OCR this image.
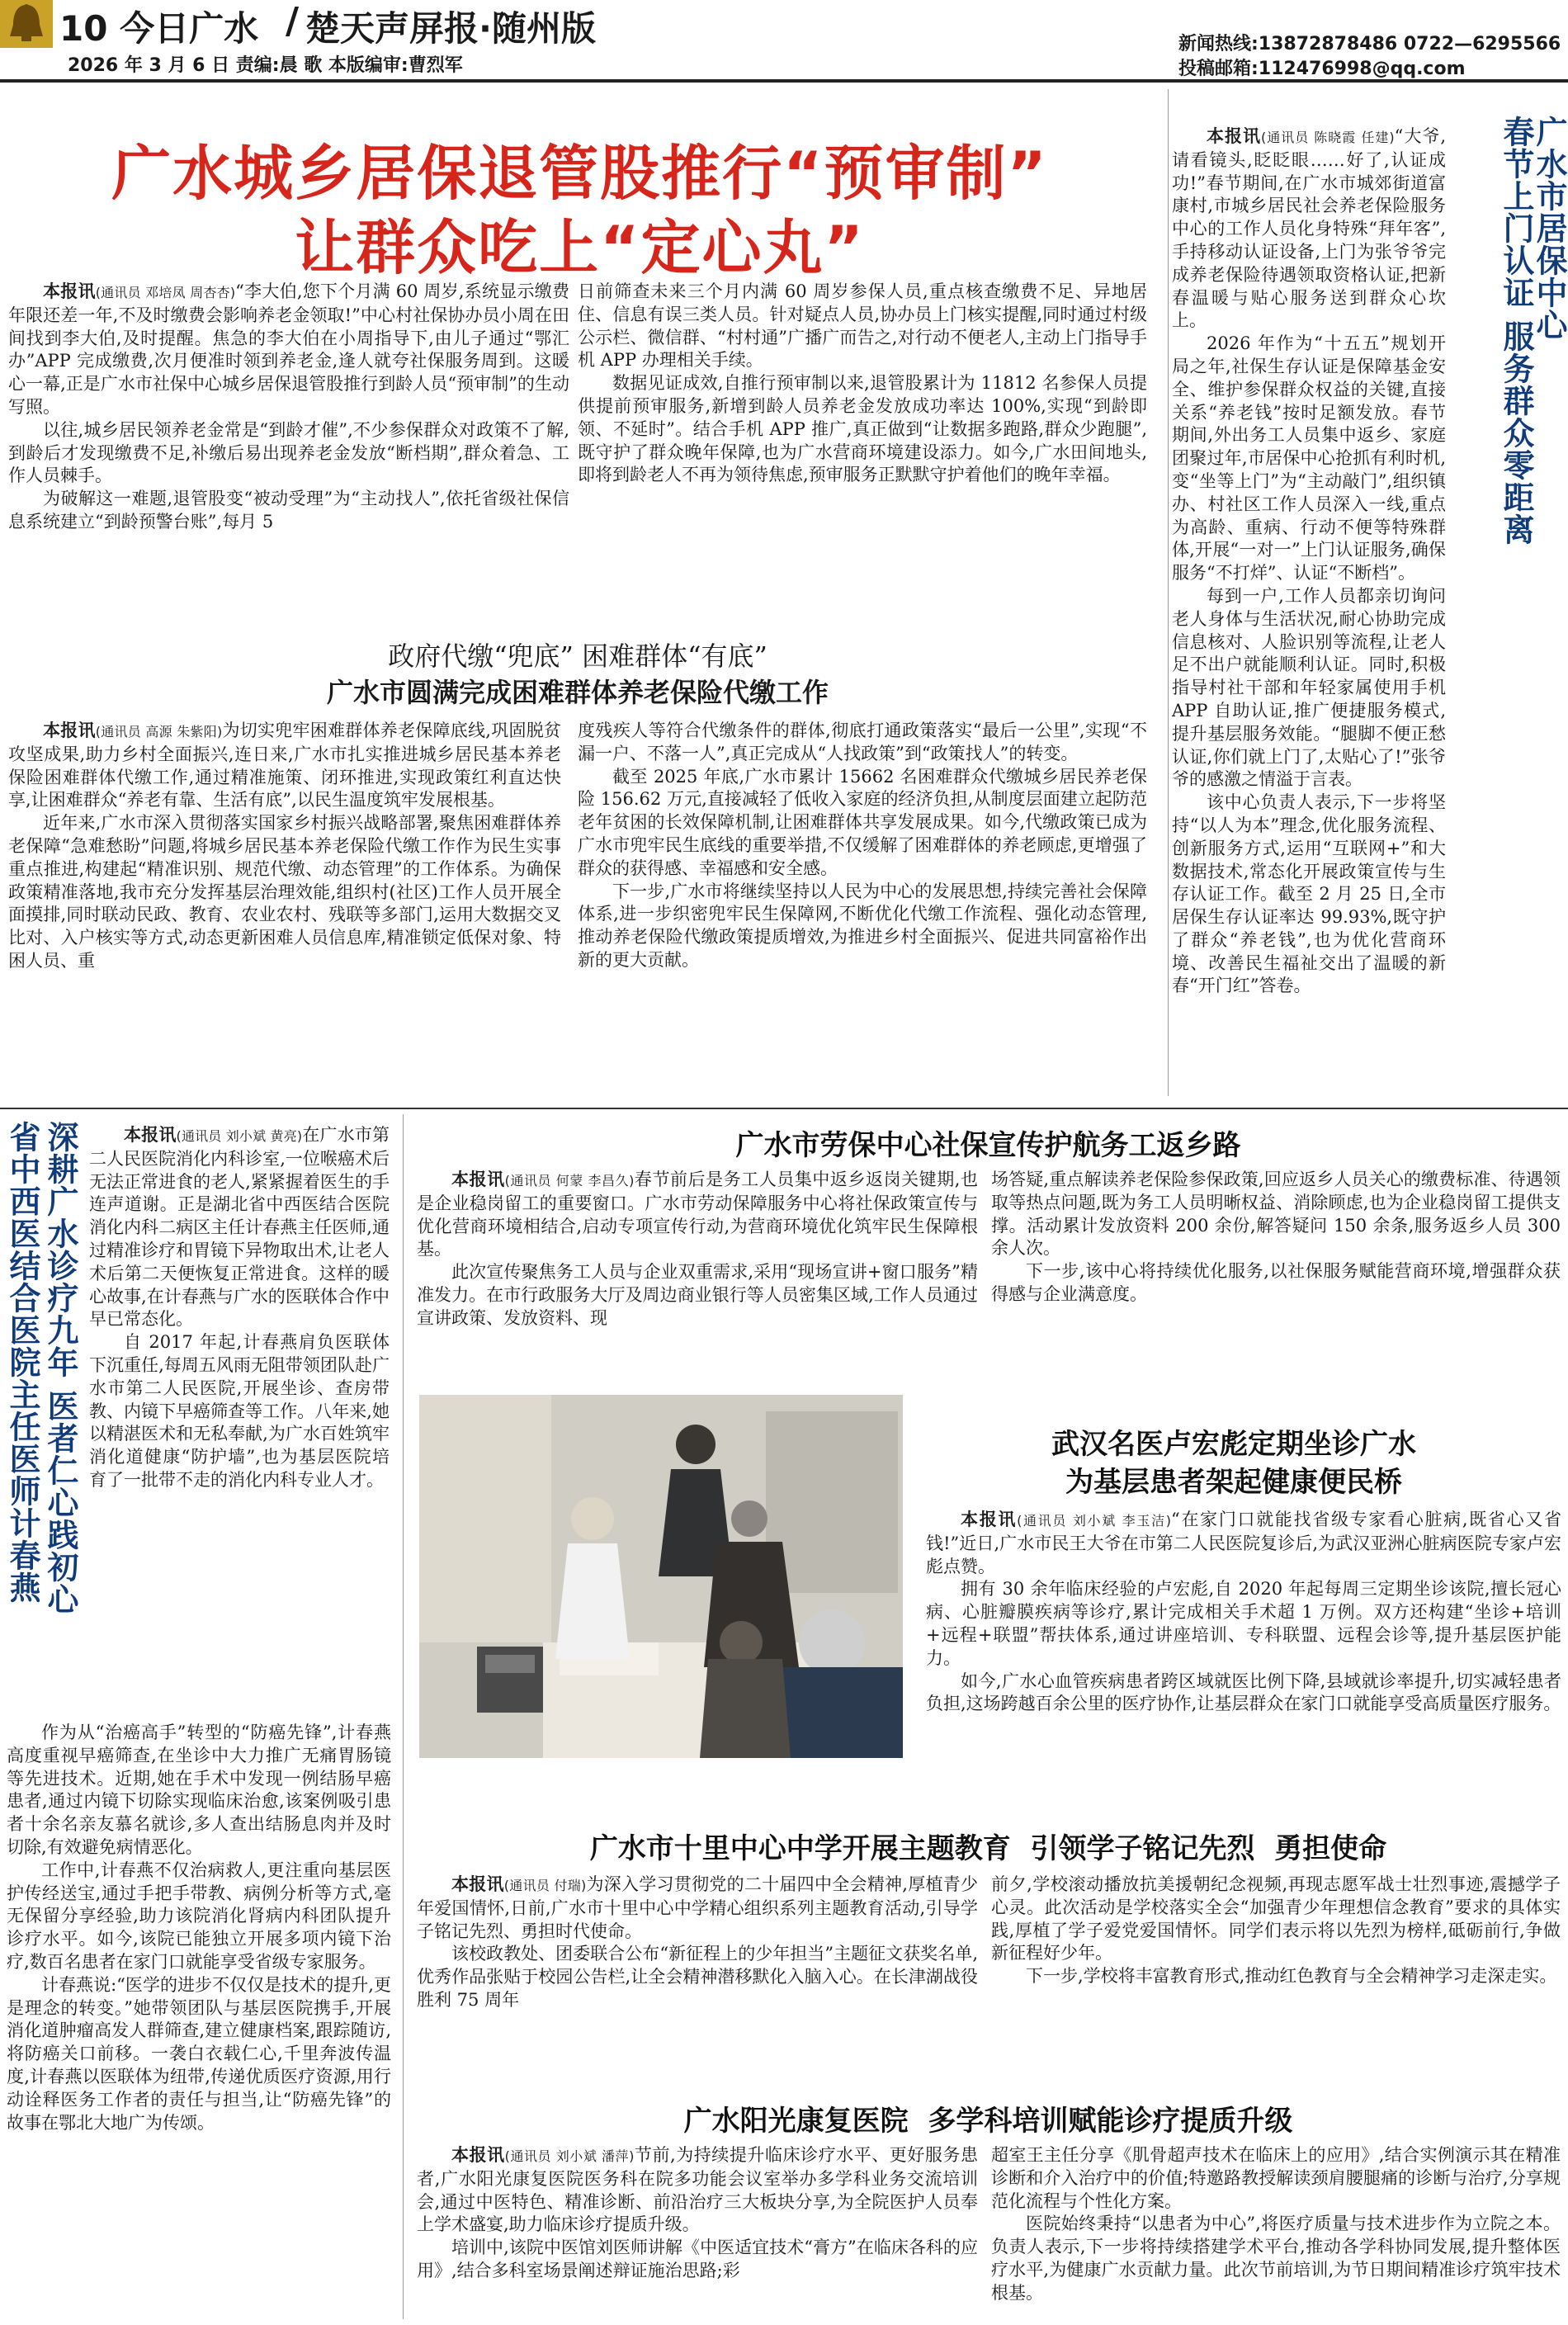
10 今日广水 / 楚天声屏报·随州版
2026 年 3 月 6 日 责编:晨 歌 本版编审:曹烈军
新闻热线:13872878486 0722—6295566
投稿邮箱:112476998@qq.com
广水城乡居保退管股推行“预审制”
让群众吃上“定心丸”

本报讯(通讯员 邓培凤 周杏杏)“李大伯,您下个月满 60 周岁,系统显示缴费年限还差一年,不及时缴费会影响养老金领取!”中心村社保协办员小周在田间找到李大伯,及时提醒。焦急的李大伯在小周指导下,由儿子通过“鄂汇办”APP 完成缴费,次月便准时领到养老金,逢人就夸社保服务周到。这暖心一幕,正是广水市社保中心城乡居保退管股推行到龄人员“预审制”的生动写照。

以往,城乡居民领养老金常是“到龄才催”,不少参保群众对政策不了解,到龄后才发现缴费不足,补缴后易出现养老金发放“断档期”,群众着急、工作人员棘手。

为破解这一难题,退管股变“被动受理”为“主动找人”,依托省级社保信息系统建立“到龄预警台账”,每月 5

日前筛查未来三个月内满 60 周岁参保人员,重点核查缴费不足、异地居住、信息有误三类人员。针对疑点人员,协办员上门核实提醒,同时通过村级公示栏、微信群、“村村通”广播广而告之,对行动不便老人,主动上门指导手机 APP 办理相关手续。

数据见证成效,自推行预审制以来,退管股累计为 11812 名参保人员提供提前预审服务,新增到龄人员养老金发放成功率达 100%,实现“到龄即领、不延时”。结合手机 APP 推广,真正做到“让数据多跑路,群众少跑腿”,既守护了群众晚年保障,也为广水营商环境建设添力。如今,广水田间地头,即将到龄老人不再为领待焦虑,预审服务正默默守护着他们的晚年幸福。

政府代缴“兜底” 困难群体“有底”
广水市圆满完成困难群体养老保险代缴工作

本报讯(通讯员 高源 朱紫阳)为切实兜牢困难群体养老保障底线,巩固脱贫攻坚成果,助力乡村全面振兴,连日来,广水市扎实推进城乡居民基本养老保险困难群体代缴工作,通过精准施策、闭环推进,实现政策红利直达快享,让困难群众“养老有靠、生活有底”,以民生温度筑牢发展根基。

近年来,广水市深入贯彻落实国家乡村振兴战略部署,聚焦困难群体养老保障“急难愁盼”问题,将城乡居民基本养老保险代缴工作作为民生实事重点推进,构建起“精准识别、规范代缴、动态管理”的工作体系。为确保政策精准落地,我市充分发挥基层治理效能,组织村(社区)工作人员开展全面摸排,同时联动民政、教育、农业农村、残联等多部门,运用大数据交叉比对、入户核实等方式,动态更新困难人员信息库,精准锁定低保对象、特困人员、重

度残疾人等符合代缴条件的群体,彻底打通政策落实“最后一公里”,实现“不漏一户、不落一人”,真正完成从“人找政策”到“政策找人”的转变。

截至 2025 年底,广水市累计 15662 名困难群众代缴城乡居民养老保险 156.62 万元,直接减轻了低收入家庭的经济负担,从制度层面建立起防范老年贫困的长效保障机制,让困难群体共享发展成果。如今,代缴政策已成为广水市兜牢民生底线的重要举措,不仅缓解了困难群体的养老顾虑,更增强了群众的获得感、幸福感和安全感。

下一步,广水市将继续坚持以人民为中心的发展思想,持续完善社会保障体系,进一步织密兜牢民生保障网,不断优化代缴工作流程、强化动态管理,推动养老保险代缴政策提质增效,为推进乡村全面振兴、促进共同富裕作出新的更大贡献。

广水市居保中心
春节上门认证 服务群众零距离

本报讯(通讯员 陈晓霞 任建)“大爷,请看镜头,眨眨眼……好了,认证成功!”春节期间,在广水市城郊街道富康村,市城乡居民社会养老保险服务中心的工作人员化身特殊“拜年客”,手持移动认证设备,上门为张爷爷完成养老保险待遇领取资格认证,把新春温暖与贴心服务送到群众心坎上。

2026 年作为“十五五”规划开局之年,社保生存认证是保障基金安全、维护参保群众权益的关键,直接关系“养老钱”按时足额发放。春节期间,外出务工人员集中返乡、家庭团聚过年,市居保中心抢抓有利时机,变“坐等上门”为“主动敲门”,组织镇办、村社区工作人员深入一线,重点为高龄、重病、行动不便等特殊群体,开展“一对一”上门认证服务,确保服务“不打烊”、认证“不断档”。

每到一户,工作人员都亲切询问老人身体与生活状况,耐心协助完成信息核对、人脸识别等流程,让老人足不出户就能顺利认证。同时,积极指导村社干部和年轻家属使用手机 APP 自助认证,推广便捷服务模式,提升基层服务效能。“腿脚不便正愁认证,你们就上门了,太贴心了!”张爷爷的感激之情溢于言表。

该中心负责人表示,下一步将坚持“以人为本”理念,优化服务流程、创新服务方式,运用“互联网+”和大数据技术,常态化开展政策宣传与生存认证工作。截至 2 月 25 日,全市居保生存认证率达 99.93%,既守护了群众“养老钱”,也为优化营商环境、改善民生福祉交出了温暖的新春“开门红”答卷。

深耕广水诊疗九年 医者仁心践初心
省中西医结合医院主任医师计春燕	本报讯(通讯员 刘小斌 黄亮)在广水市第二人民医院消化内科诊室,一位喉癌术后无法正常进食的老人,紧紧握着医生的手连声道谢。正是湖北省中西医结合医院消化内科二病区主任计春燕主任医师,通过精准诊疗和胃镜下异物取出术,让老人术后第二天便恢复正常进食。这样的暖心故事,在计春燕与广水的医联体合作中早已常态化。

自 2017 年起,计春燕肩负医联体下沉重任,每周五风雨无阻带领团队赴广水市第二人民医院,开展坐诊、查房带教、内镜下早癌筛查等工作。八年来,她以精湛医术和无私奉献,为广水百姓筑牢消化道健康“防护墙”,也为基层医院培育了一批带不走的消化内科专业人才。

作为从“治癌高手”转型的“防癌先锋”,计春燕高度重视早癌筛查,在坐诊中大力推广无痛胃肠镜等先进技术。近期,她在手术中发现一例结肠早癌患者,通过内镜下切除实现临床治愈,该案例吸引患者十余名亲友慕名就诊,多人查出结肠息肉并及时切除,有效避免病情恶化。

工作中,计春燕不仅治病救人,更注重向基层医护传经送宝,通过手把手带教、病例分析等方式,毫无保留分享经验,助力该院消化肾病内科团队提升诊疗水平。如今,该院已能独立开展多项内镜下治疗,数百名患者在家门口就能享受省级专家服务。

计春燕说:“医学的进步不仅仅是技术的提升,更是理念的转变。”她带领团队与基层医院携手,开展消化道肿瘤高发人群筛查,建立健康档案,跟踪随访,将防癌关口前移。一袭白衣载仁心,千里奔波传温度,计春燕以医联体为纽带,传递优质医疗资源,用行动诠释医务工作者的责任与担当,让“防癌先锋”的故事在鄂北大地广为传颂。

广水市劳保中心社保宣传护航务工返乡路

本报讯(通讯员 何蒙 李昌久)春节前后是务工人员集中返乡返岗关键期,也是企业稳岗留工的重要窗口。广水市劳动保障服务中心将社保政策宣传与优化营商环境相结合,启动专项宣传行动,为营商环境优化筑牢民生保障根基。

此次宣传聚焦务工人员与企业双重需求,采用“现场宣讲+窗口服务”精准发力。在市行政服务大厅及周边商业银行等人员密集区域,工作人员通过宣讲政策、发放资料、现

场答疑,重点解读养老保险参保政策,回应返乡人员关心的缴费标准、待遇领取等热点问题,既为务工人员明晰权益、消除顾虑,也为企业稳岗留工提供支撑。活动累计发放资料 200 余份,解答疑问 150 余条,服务返乡人员 300 余人次。

下一步,该中心将持续优化服务,以社保服务赋能营商环境,增强群众获得感与企业满意度。

武汉名医卢宏彪定期坐诊广水
为基层患者架起健康便民桥

本报讯(通讯员 刘小斌 李玉洁)“在家门口就能找省级专家看心脏病,既省心又省钱!”近日,广水市民王大爷在市第二人民医院复诊后,为武汉亚洲心脏病医院专家卢宏彪点赞。

拥有 30 余年临床经验的卢宏彪,自 2020 年起每周三定期坐诊该院,擅长冠心病、心脏瓣膜疾病等诊疗,累计完成相关手术超 1 万例。双方还构建“坐诊+培训+远程+联盟”帮扶体系,通过讲座培训、专科联盟、远程会诊等,提升基层医护能力。

如今,广水心血管疾病患者跨区域就医比例下降,县域就诊率提升,切实减轻患者负担,这场跨越百余公里的医疗协作,让基层群众在家门口就能享受高质量医疗服务。

广水市十里中心中学开展主题教育  引领学子铭记先烈  勇担使命

本报讯(通讯员 付瑞)为深入学习贯彻党的二十届四中全会精神,厚植青少年爱国情怀,日前,广水市十里中心中学精心组织系列主题教育活动,引导学子铭记先烈、勇担时代使命。

该校政教处、团委联合公布“新征程上的少年担当”主题征文获奖名单,优秀作品张贴于校园公告栏,让全会精神潜移默化入脑入心。在长津湖战役胜利 75 周年

前夕,学校滚动播放抗美援朝纪念视频,再现志愿军战士壮烈事迹,震撼学子心灵。此次活动是学校落实全会“加强青少年理想信念教育”要求的具体实践,厚植了学子爱党爱国情怀。同学们表示将以先烈为榜样,砥砺前行,争做新征程好少年。

下一步,学校将丰富教育形式,推动红色教育与全会精神学习走深走实。

广水阳光康复医院  多学科培训赋能诊疗提质升级

本报讯(通讯员 刘小斌 潘萍)节前,为持续提升临床诊疗水平、更好服务患者,广水阳光康复医院医务科在院多功能会议室举办多学科业务交流培训会,通过中医特色、精准诊断、前沿治疗三大板块分享,为全院医护人员奉上学术盛宴,助力临床诊疗提质升级。

培训中,该院中医馆刘医师讲解《中医适宜技术“膏方”在临床各科的应用》,结合多科室场景阐述辩证施治思路;彩

超室王主任分享《肌骨超声技术在临床上的应用》,结合实例演示其在精准诊断和介入治疗中的价值;特邀路教授解读颈肩腰腿痛的诊断与治疗,分享规范化流程与个性化方案。

医院始终秉持“以患者为中心”,将医疗质量与技术进步作为立院之本。负责人表示,下一步将持续搭建学术平台,推动各学科协同发展,提升整体医疗水平,为健康广水贡献力量。此次节前培训,为节日期间精准诊疗筑牢技术根基。
